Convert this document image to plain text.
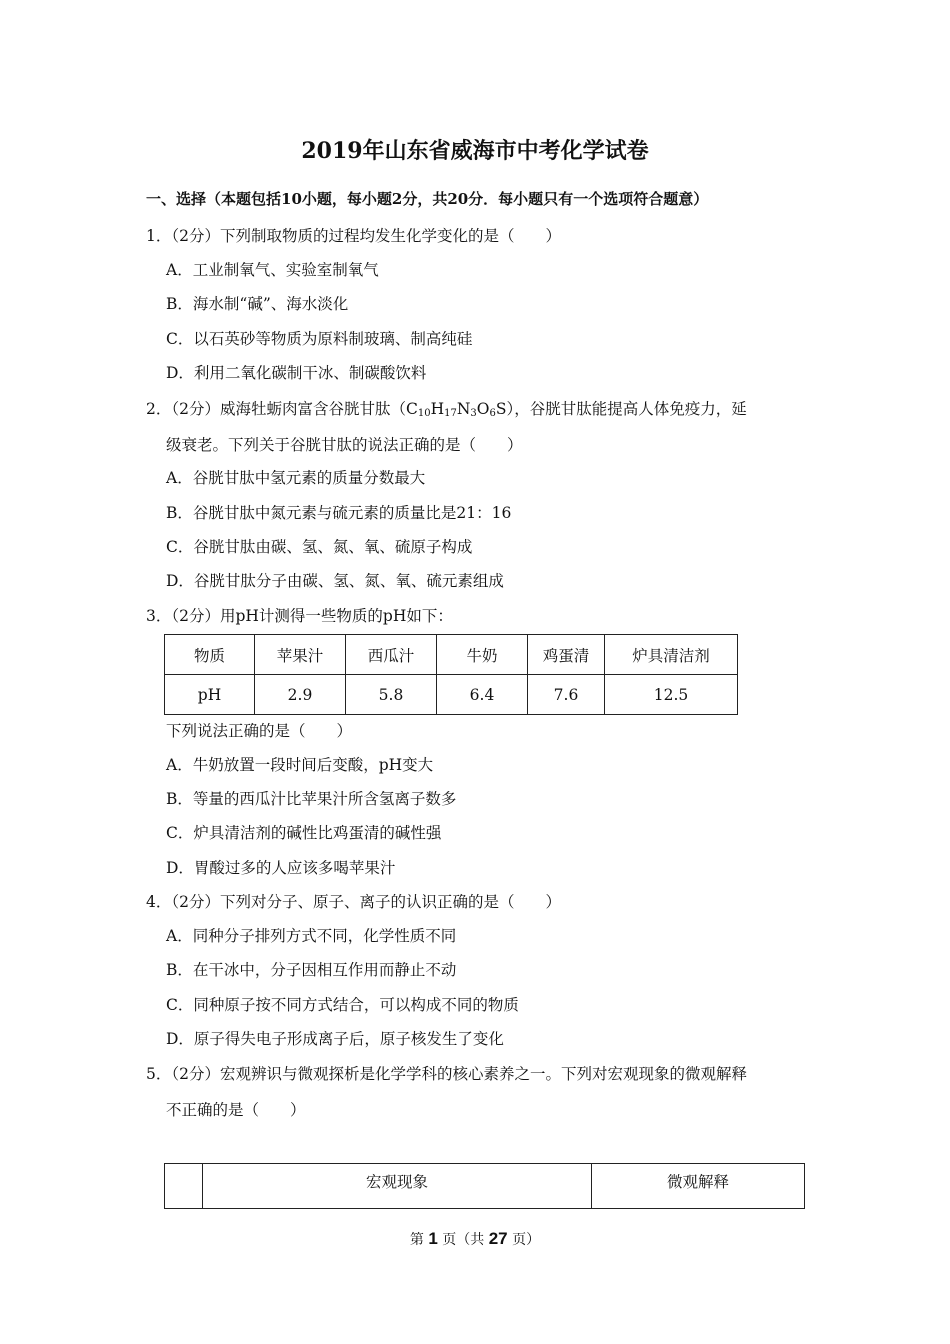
2019年山东省威海市中考化学试卷
一、选择（本题包括10小题，每小题2分，共20分．每小题只有一个选项符合题意）
1．（2分）下列制取物质的过程均发生化学变化的是（　　）
A．工业制氧气、实验室制氧气
B．海水制“碱”、海水淡化
C．以石英砂等物质为原料制玻璃、制高纯硅
D．利用二氧化碳制干冰、制碳酸饮料
2．（2分）威海牡蛎肉富含谷胱甘肽$(C_{10}H_{17}N_3O_6S)$，谷胱甘肽能提高人体免疫力，延
级衰老。下列关于谷胱甘肽的说法正确的是（　　）
A．谷胱甘肽中氢元素的质量分数最大
B．谷胱甘肽中氮元素与硫元素的质量比是21：16
C．谷胱甘肽由碳、氢、氮、氧、硫原子构成
D．谷胱甘肽分子由碳、氢、氮、氧、硫元素组成
3．（2分）用pH计测得一些物质的pH如下：
物质	苹果汁	西瓜汁	牛奶	鸡蛋清	炉具清洁剂
pH	2.9	5.8	6.4	7.6	12.5
下列说法正确的是（　　）
A．牛奶放置一段时间后变酸，pH变大
B．等量的西瓜汁比苹果汁所含氢离子数多
C．炉具清洁剂的碱性比鸡蛋清的碱性强
D．胃酸过多的人应该多喝苹果汁
4．（2分）下列对分子、原子、离子的认识正确的是（　　）
A．同种分子排列方式不同，化学性质不同
B．在干冰中，分子因相互作用而静止不动
C．同种原子按不同方式结合，可以构成不同的物质
D．原子得失电子形成离子后，原子核发生了变化
5．（2分）宏观辨识与微观探析是化学学科的核心素养之一。下列对宏观现象的微观解释
不正确的是（　　）
	宏观现象	微观解释
第 1 页（共 27 页）
